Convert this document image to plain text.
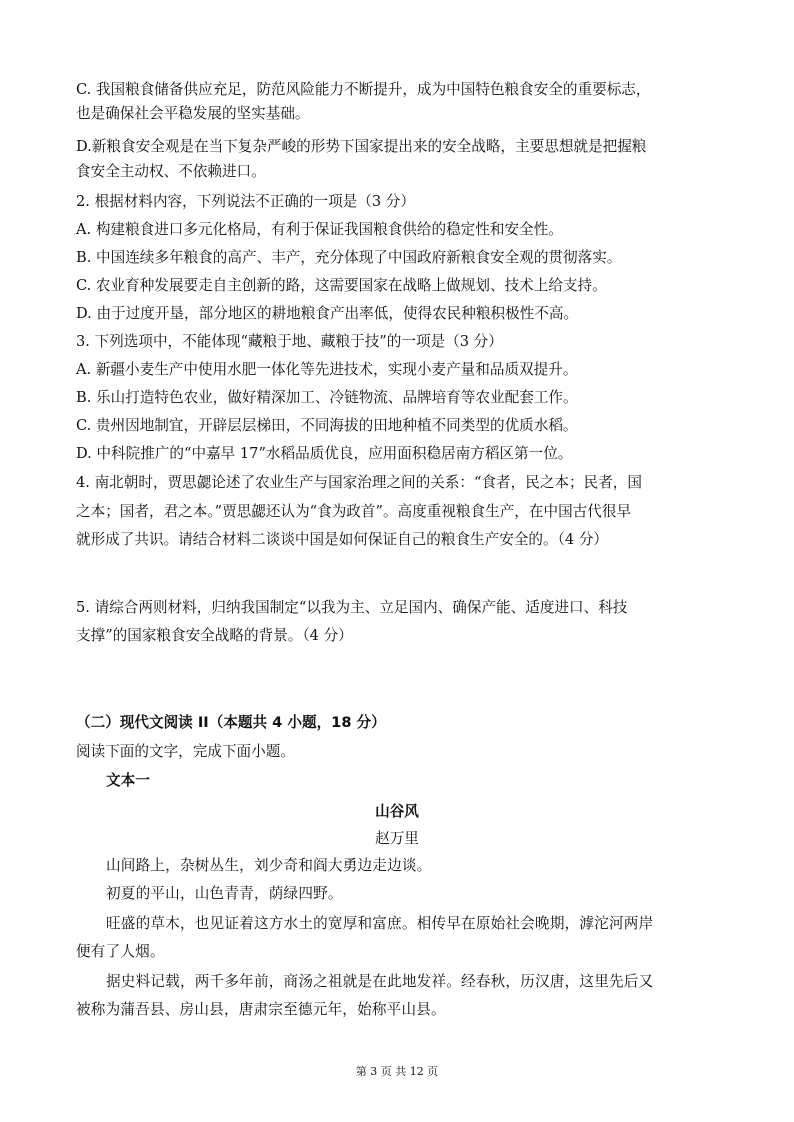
C. 我国粮食储备供应充足，防范风险能力不断提升，成为中国特色粮食安全的重要标志，
也是确保社会平稳发展的坚实基础。
D.新粮食安全观是在当下复杂严峻的形势下国家提出来的安全战略，主要思想就是把握粮
食安全主动权、不依赖进口。
2. 根据材料内容，下列说法不正确的一项是（3 分）
A. 构建粮食进口多元化格局，有利于保证我国粮食供给的稳定性和安全性。
B. 中国连续多年粮食的高产、丰产，充分体现了中国政府新粮食安全观的贯彻落实。
C. 农业育种发展要走自主创新的路，这需要国家在战略上做规划、技术上给支持。
D. 由于过度开垦，部分地区的耕地粮食产出率低，使得农民种粮积极性不高。
3. 下列选项中，不能体现“藏粮于地、藏粮于技”的一项是（3 分）
A. 新疆小麦生产中使用水肥一体化等先进技术，实现小麦产量和品质双提升。
B. 乐山打造特色农业，做好精深加工、冷链物流、品牌培育等农业配套工作。
C. 贵州因地制宜，开辟层层梯田，不同海拔的田地种植不同类型的优质水稻。
D. 中科院推广的“中嘉早 17”水稻品质优良，应用面积稳居南方稻区第一位。
4. 南北朝时，贾思勰论述了农业生产与国家治理之间的关系：“食者，民之本；民者，国
之本；国者，君之本。”贾思勰还认为“食为政首”。高度重视粮食生产，在中国古代很早
就形成了共识。请结合材料二谈谈中国是如何保证自己的粮食生产安全的。（4 分）
5. 请综合两则材料，归纳我国制定“以我为主、立足国内、确保产能、适度进口、科技
支撑”的国家粮食安全战略的背景。（4 分）
（二）现代文阅读 II（本题共 4 小题，18 分）
阅读下面的文字，完成下面小题。
文本一
山谷风
赵万里
山间路上，杂树丛生，刘少奇和阎大勇边走边谈。
初夏的平山，山色青青，荫绿四野。
旺盛的草木，也见证着这方水土的宽厚和富庶。相传早在原始社会晚期，滹沱河两岸
便有了人烟。
据史料记载，两千多年前，商汤之祖就是在此地发祥。经春秋，历汉唐，这里先后又
被称为蒲吾县、房山县，唐肃宗至德元年，始称平山县。
第 3 页 共 12 页
